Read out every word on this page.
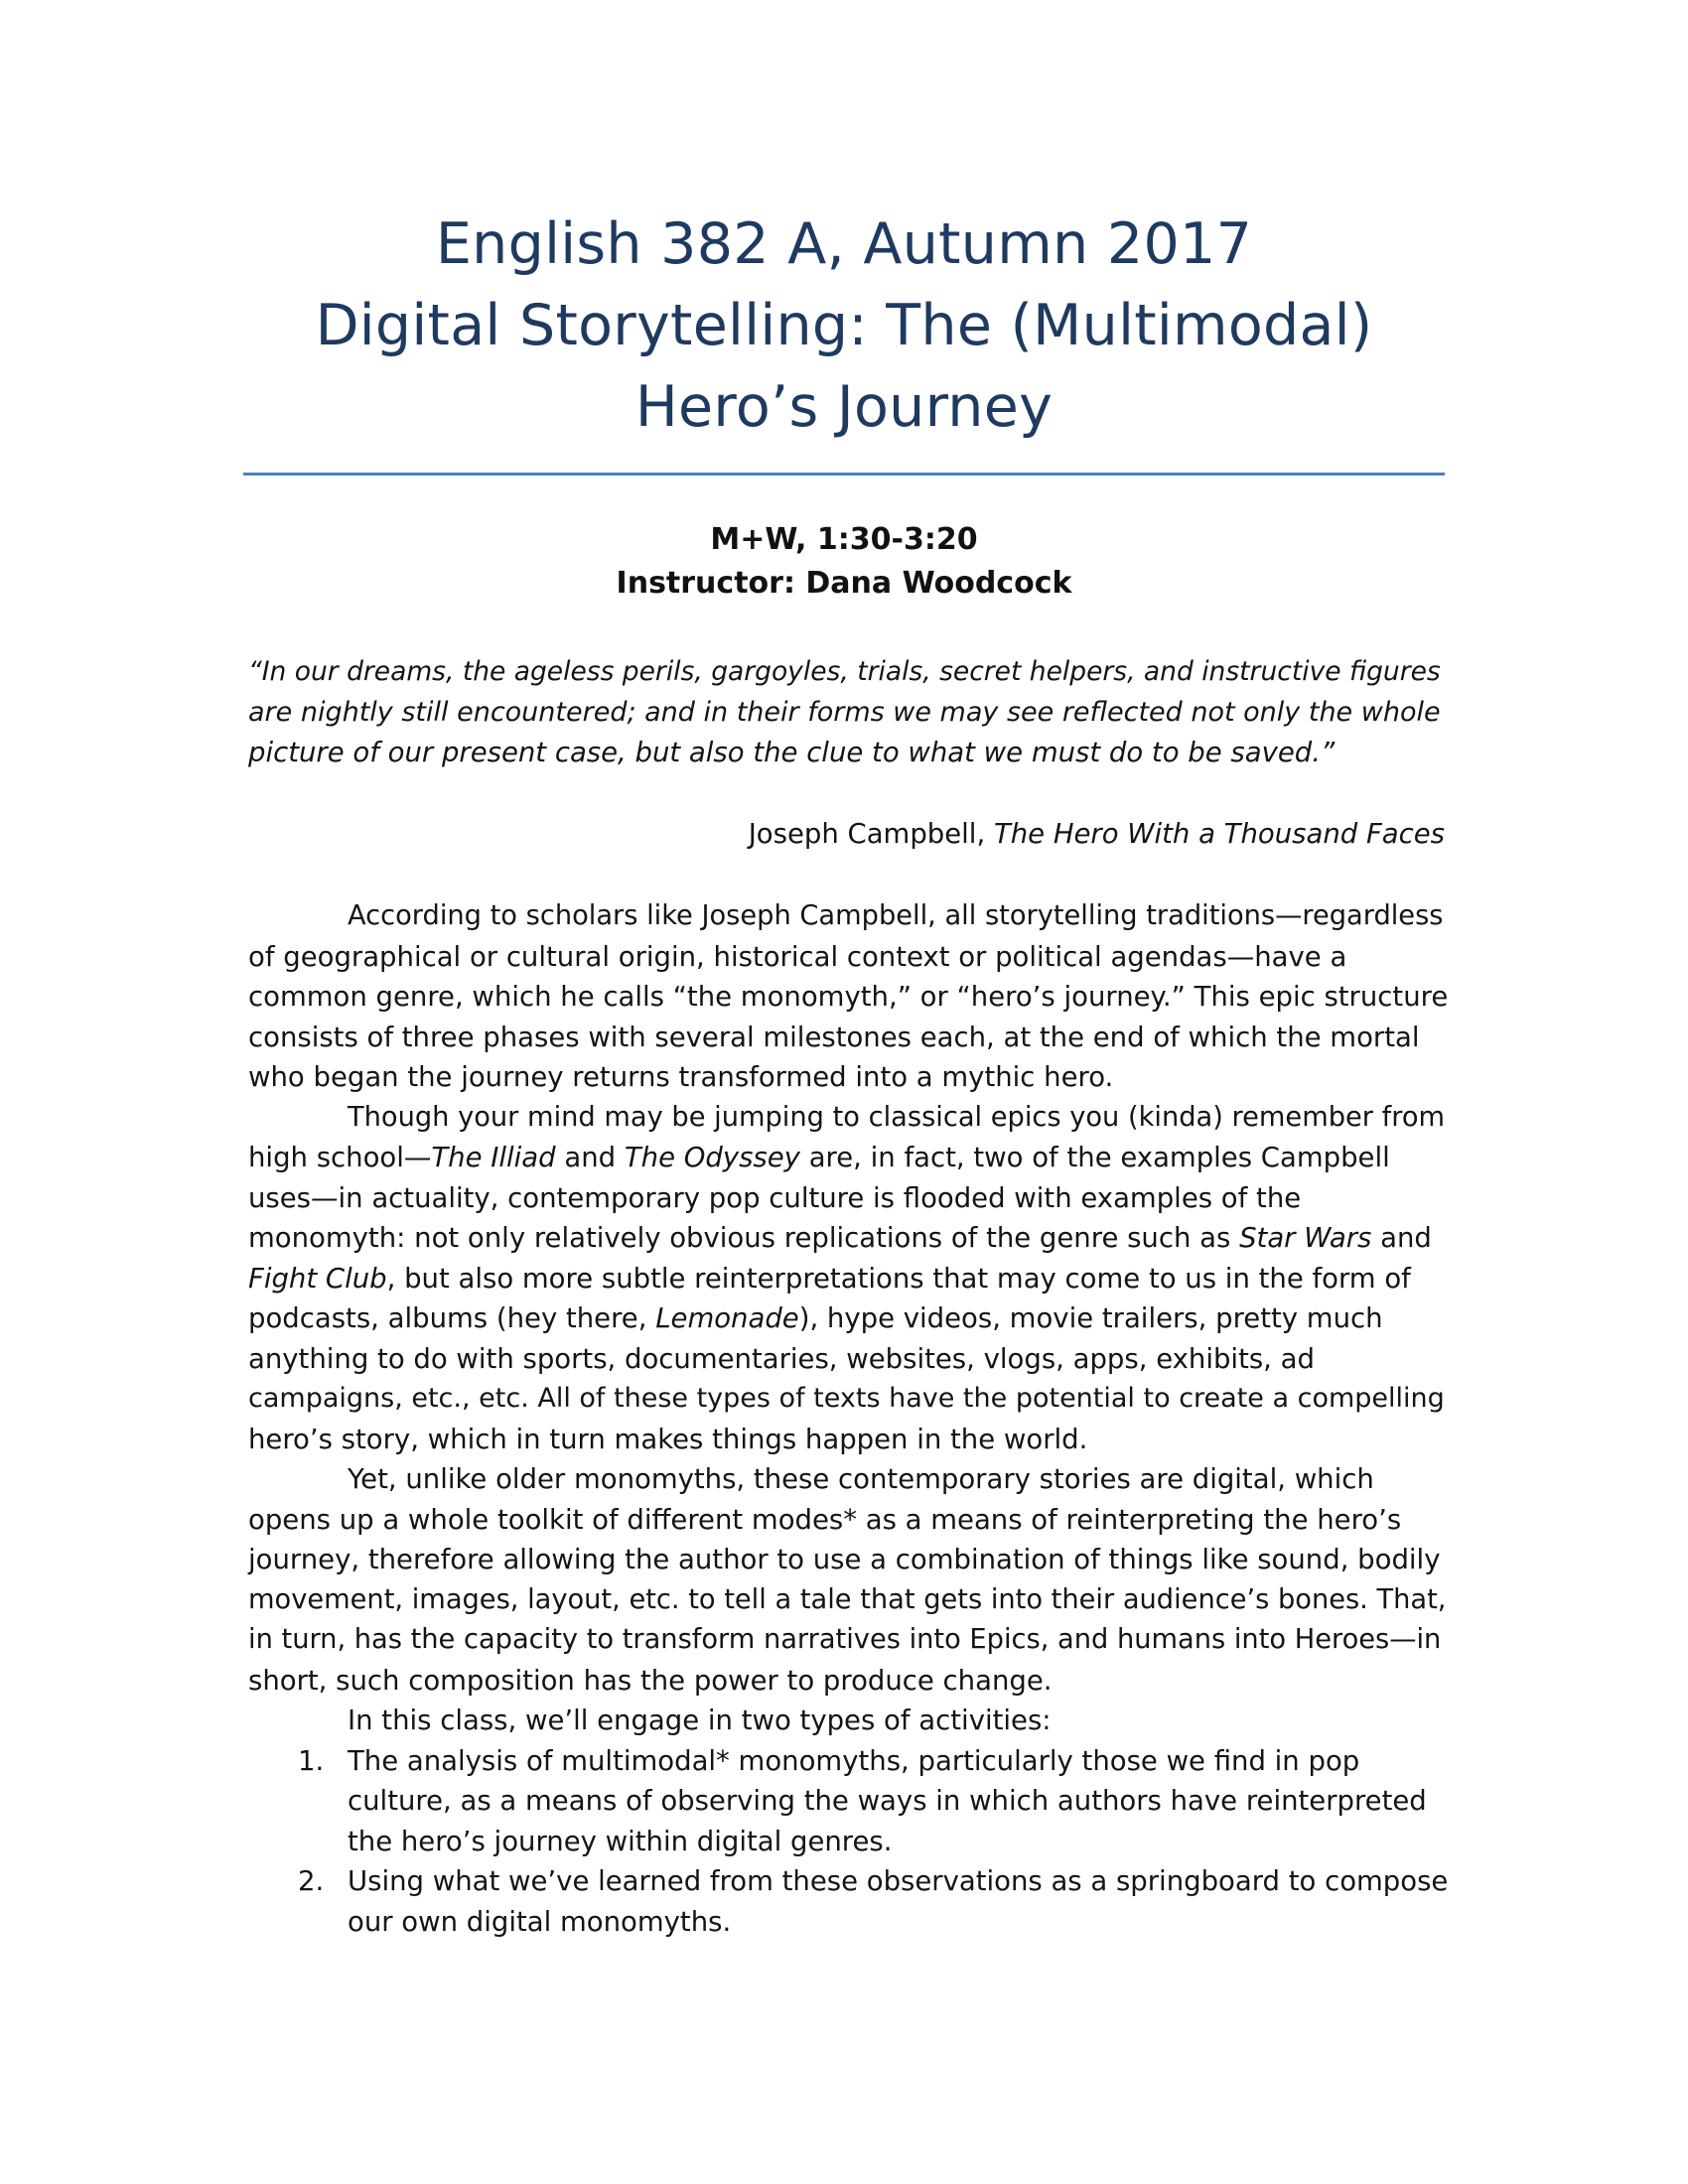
English 382 A, Autumn 2017
Digital Storytelling: The (Multimodal)
Hero’s Journey
M+W, 1:30-3:20
Instructor: Dana Woodcock
“In our dreams, the ageless perils, gargoyles, trials, secret helpers, and instructive figures
are nightly still encountered; and in their forms we may see reflected not only the whole
picture of our present case, but also the clue to what we must do to be saved.”
Joseph Campbell, The Hero With a Thousand Faces
According to scholars like Joseph Campbell, all storytelling traditions—regardless
of geographical or cultural origin, historical context or political agendas—have a
common genre, which he calls “the monomyth,” or “hero’s journey.” This epic structure
consists of three phases with several milestones each, at the end of which the mortal
who began the journey returns transformed into a mythic hero.
Though your mind may be jumping to classical epics you (kinda) remember from
high school—The Illiad and The Odyssey are, in fact, two of the examples Campbell
uses—in actuality, contemporary pop culture is flooded with examples of the
monomyth: not only relatively obvious replications of the genre such as Star Wars and
Fight Club, but also more subtle reinterpretations that may come to us in the form of
podcasts, albums (hey there, Lemonade), hype videos, movie trailers, pretty much
anything to do with sports, documentaries, websites, vlogs, apps, exhibits, ad
campaigns, etc., etc. All of these types of texts have the potential to create a compelling
hero’s story, which in turn makes things happen in the world.
Yet, unlike older monomyths, these contemporary stories are digital, which
opens up a whole toolkit of different modes* as a means of reinterpreting the hero’s
journey, therefore allowing the author to use a combination of things like sound, bodily
movement, images, layout, etc. to tell a tale that gets into their audience’s bones. That,
in turn, has the capacity to transform narratives into Epics, and humans into Heroes—in
short, such composition has the power to produce change.
In this class, we’ll engage in two types of activities:
1. The analysis of multimodal* monomyths, particularly those we find in pop
culture, as a means of observing the ways in which authors have reinterpreted
the hero’s journey within digital genres.
2. Using what we’ve learned from these observations as a springboard to compose
our own digital monomyths.
